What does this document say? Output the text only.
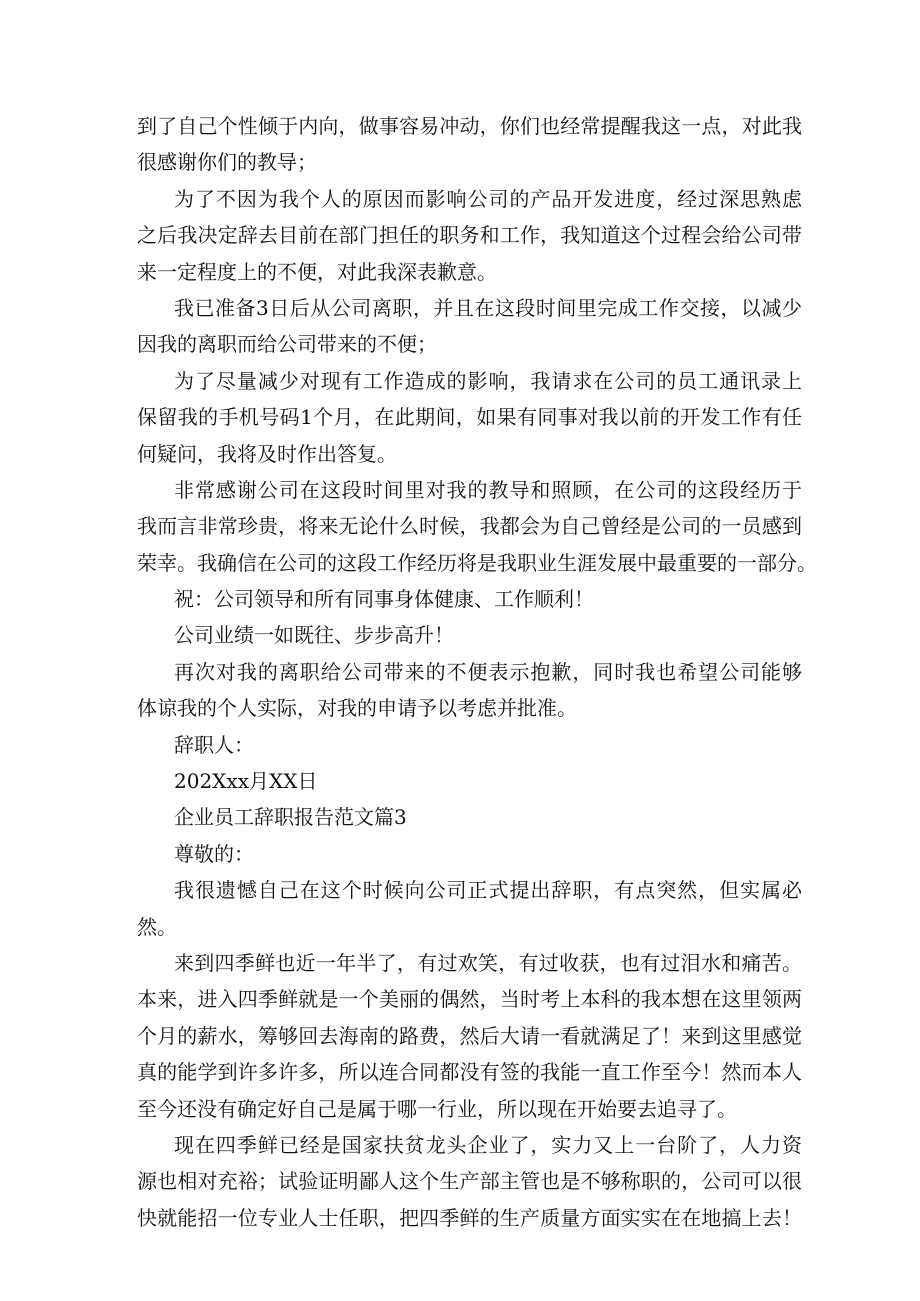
到了自己个性倾于内向，做事容易冲动，你们也经常提醒我这一点，对此我
很感谢你们的教导；
为了不因为我个人的原因而影响公司的产品开发进度，经过深思熟虑
之后我决定辞去目前在部门担任的职务和工作，我知道这个过程会给公司带
来一定程度上的不便，对此我深表歉意。
我已准备3日后从公司离职，并且在这段时间里完成工作交接，以减少
因我的离职而给公司带来的不便；
为了尽量减少对现有工作造成的影响，我请求在公司的员工通讯录上
保留我的手机号码1个月，在此期间，如果有同事对我以前的开发工作有任
何疑问，我将及时作出答复。
非常感谢公司在这段时间里对我的教导和照顾，在公司的这段经历于
我而言非常珍贵，将来无论什么时候，我都会为自己曾经是公司的一员感到
荣幸。我确信在公司的这段工作经历将是我职业生涯发展中最重要的一部分。
祝：公司领导和所有同事身体健康、工作顺利！
公司业绩一如既往、步步高升！
再次对我的离职给公司带来的不便表示抱歉，同时我也希望公司能够
体谅我的个人实际，对我的申请予以考虑并批准。
辞职人：
202Xxx月XX日
企业员工辞职报告范文篇3
尊敬的：
我很遗憾自己在这个时候向公司正式提出辞职，有点突然，但实属必
然。
来到四季鲜也近一年半了，有过欢笑，有过收获，也有过泪水和痛苦。
本来，进入四季鲜就是一个美丽的偶然，当时考上本科的我本想在这里领两
个月的薪水，筹够回去海南的路费，然后大请一看就满足了！来到这里感觉
真的能学到许多许多，所以连合同都没有签的我能一直工作至今！然而本人
至今还没有确定好自己是属于哪一行业，所以现在开始要去追寻了。
现在四季鲜已经是国家扶贫龙头企业了，实力又上一台阶了，人力资
源也相对充裕；试验证明鄙人这个生产部主管也是不够称职的，公司可以很
快就能招一位专业人士任职，把四季鲜的生产质量方面实实在在地搞上去！
